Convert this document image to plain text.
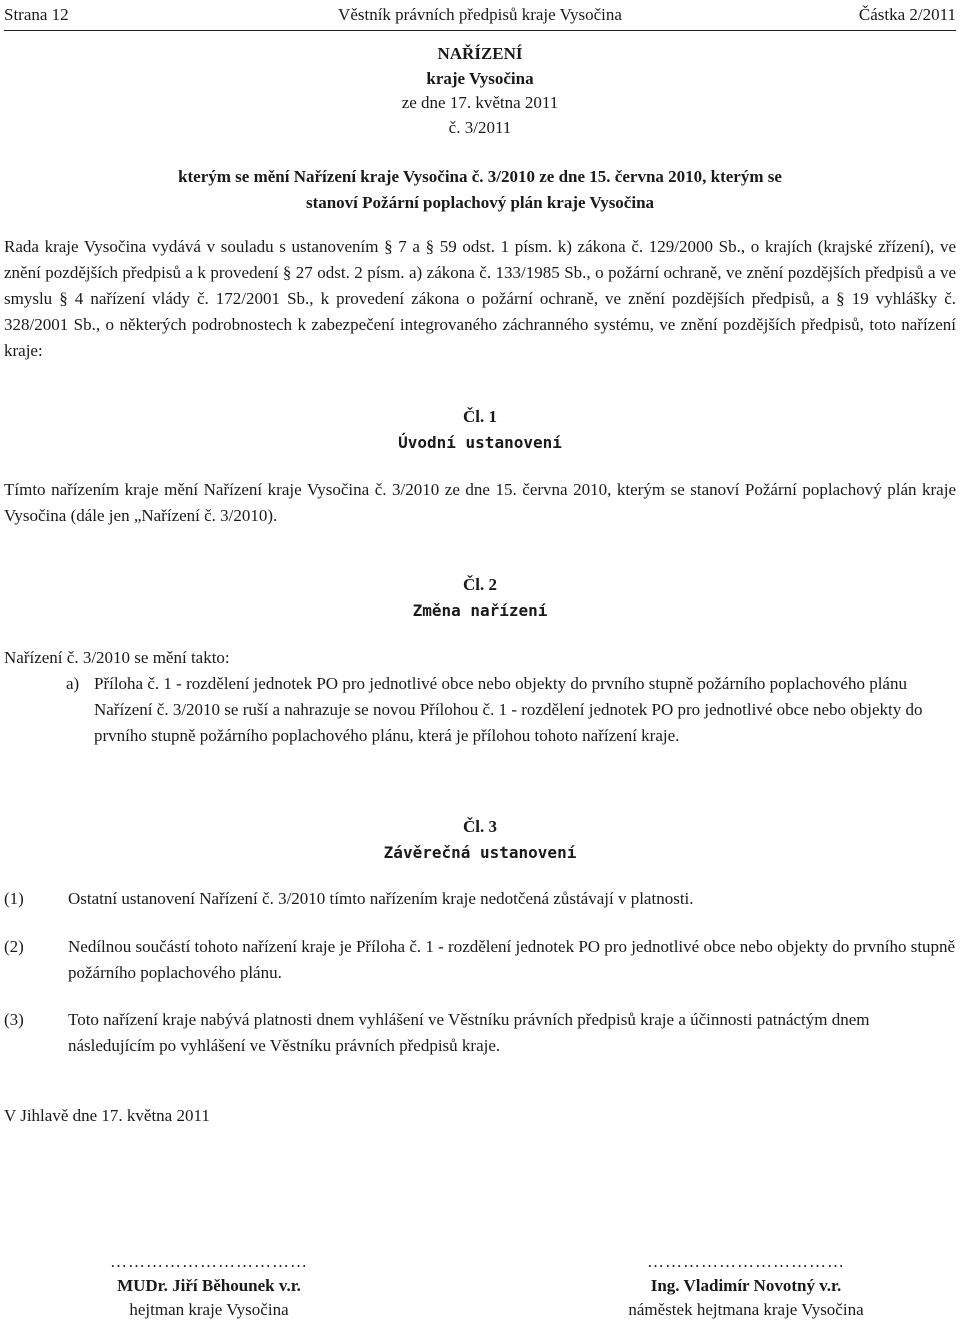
Strana 12	Věstník právních předpisů kraje Vysočina	Částka 2/2011
NAŘÍZENÍ
kraje Vysočina
ze dne 17. května 2011
č. 3/2011
kterým se mění Nařízení kraje Vysočina č. 3/2010 ze dne 15. června 2010, kterým se
stanoví Požární poplachový plán kraje Vysočina
Rada kraje Vysočina vydává v souladu s ustanovením § 7 a § 59 odst. 1 písm. k) zákona č. 129/2000 Sb., o krajích (krajské zřízení), ve znění pozdějších předpisů a k provedení § 27 odst. 2 písm. a) zákona č. 133/1985 Sb., o požární ochraně, ve znění pozdějších předpisů a ve smyslu § 4 nařízení vlády č. 172/2001 Sb., k provedení zákona o požární ochraně, ve znění pozdějších předpisů, a § 19 vyhlášky č. 328/2001 Sb., o některých podrobnostech k zabezpečení integrovaného záchranného systému, ve znění pozdějších předpisů, toto nařízení kraje:
Čl. 1
Úvodní ustanovení
Tímto nařízením kraje mění Nařízení kraje Vysočina č. 3/2010 ze dne 15. června 2010, kterým se stanoví Požární poplachový plán kraje Vysočina (dále jen „Nařízení č. 3/2010).
Čl. 2
Změna nařízení
Nařízení č. 3/2010 se mění takto:
a) Příloha č. 1 - rozdělení jednotek PO pro jednotlivé obce nebo objekty do prvního stupně požárního poplachového plánu Nařízení č. 3/2010 se ruší a nahrazuje se novou Přílohou č. 1 - rozdělení jednotek PO pro jednotlivé obce nebo objekty do prvního stupně požárního poplachového plánu, která je přílohou tohoto nařízení kraje.
Čl. 3
Závěrečná ustanovení
(1)	Ostatní ustanovení Nařízení č. 3/2010 tímto nařízením kraje nedotčená zůstávají v platnosti.
(2)	Nedílnou součástí tohoto nařízení kraje je Příloha č. 1 - rozdělení jednotek PO pro jednotlivé obce nebo objekty do prvního stupně požárního poplachového plánu.
(3)	Toto nařízení kraje nabývá platnosti dnem vyhlášení ve Věstníku právních předpisů kraje a účinnosti patnáctým dnem následujícím po vyhlášení ve Věstníku právních předpisů kraje.
V Jihlavě dne 17. května 2011
……………………………
MUDr. Jiří Běhounek v.r.
hejtman kraje Vysočina
……………………………
Ing. Vladimír Novotný v.r.
náměstek hejtmana kraje Vysočina
